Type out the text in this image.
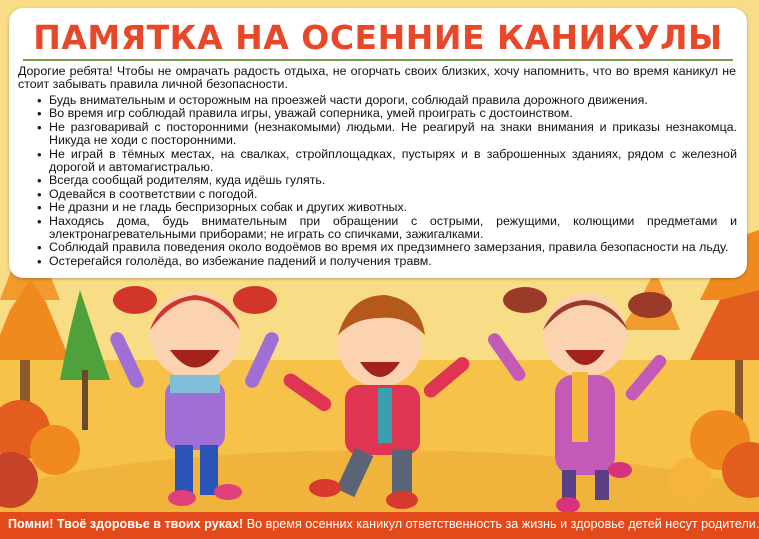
ПАМЯТКА НА ОСЕННИЕ КАНИКУЛЫ
Дорогие ребята! Чтобы не омрачать радость отдыха, не огорчать своих близких, хочу напомнить, что во время каникул не стоит забывать правила личной безопасности.
• Будь внимательным и осторожным на проезжей части дороги, соблюдай правила дорожного движения.
• Во время игр соблюдай правила игры, уважай соперника, умей проиграть с достоинством.
• Не разговаривай с посторонними (незнакомыми) людьми. Не реагируй на знаки внимания и приказы незнакомца. Никуда не ходи с посторонними.
• Не играй в тёмных местах, на свалках, стройплощадках, пустырях и в заброшенных зданиях, рядом с железной дорогой и автомагистралью.
• Всегда сообщай родителям, куда идёшь гулять.
• Одевайся в соответствии с погодой.
• Не дразни и не гладь беспризорных собак и других животных.
• Находясь дома, будь внимательным при обращении с острыми, режущими, колющими предметами и электронагревательными приборами; не играть со спичками, зажигалками.
• Соблюдай правила поведения около водоёмов во время их предзимнего замерзания, правила безопасности на льду.
• Остерегайся гололёда, во избежание падений и получения травм.
Помни! Твоё здоровье в твоих руках! Во время осенних каникул ответственность за жизнь и здоровье детей несут родители.
